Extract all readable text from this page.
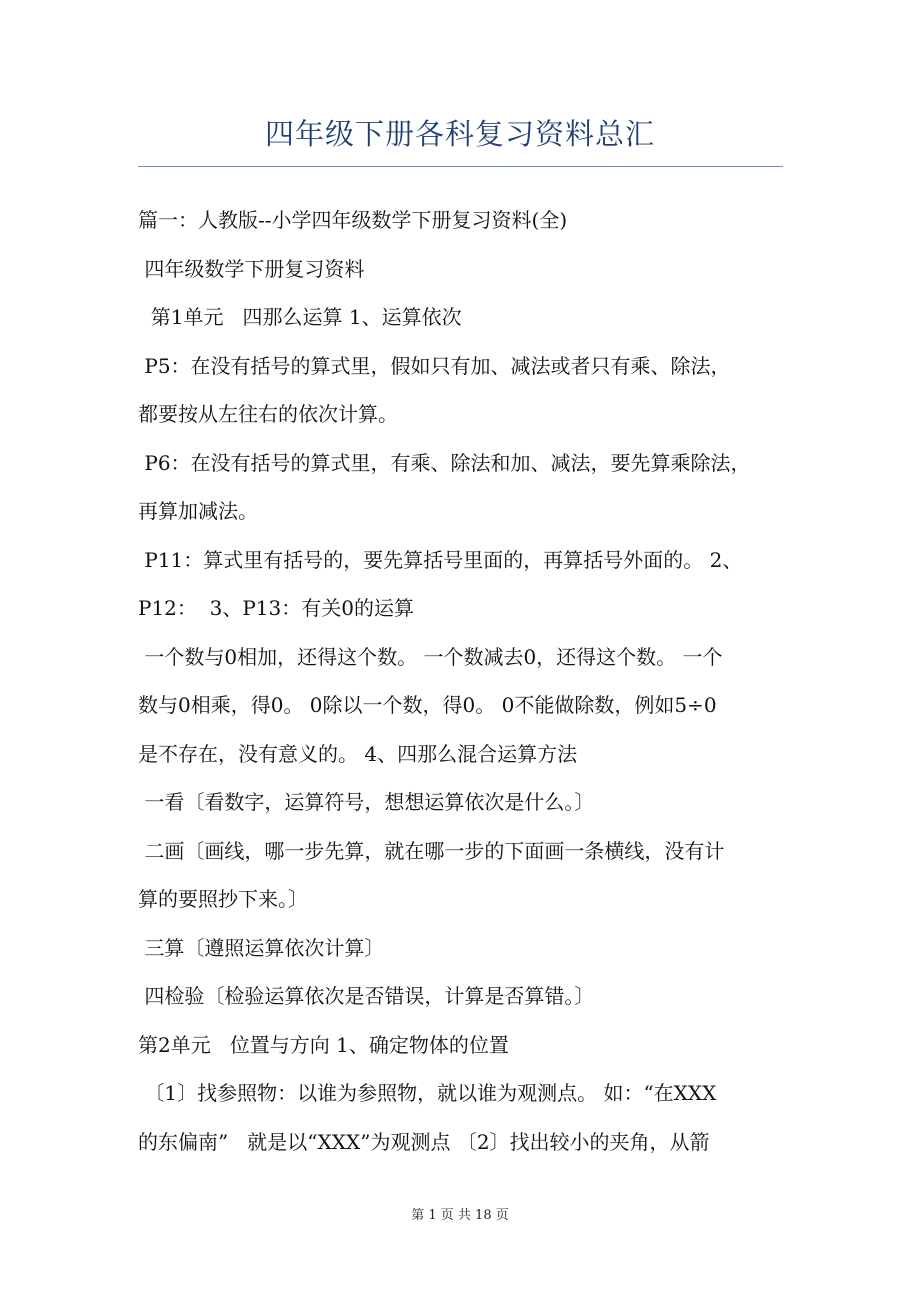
四年级下册各科复习资料总汇
篇一：人教版--小学四年级数学下册复习资料(全)
四年级数学下册复习资料
第1单元   四那么运算 1、运算依次
P5：在没有括号的算式里，假如只有加、减法或者只有乘、除法，
都要按从左往右的依次计算。
P6：在没有括号的算式里，有乘、除法和加、减法，要先算乘除法，
再算加减法。
P11：算式里有括号的，要先算括号里面的，再算括号外面的。 2、
P12：  3、P13：有关0的运算
一个数与0相加，还得这个数。 一个数减去0，还得这个数。 一个
数与0相乘，得0。 0除以一个数，得0。 0不能做除数，例如5÷0
是不存在，没有意义的。 4、四那么混合运算方法
一看〔看数字，运算符号，想想运算依次是什么。〕
二画〔画线，哪一步先算，就在哪一步的下面画一条横线，没有计
算的要照抄下来。〕
三算〔遵照运算依次计算〕
四检验〔检验运算依次是否错误，计算是否算错。〕
第2单元   位置与方向 1、确定物体的位置
〔1〕找参照物：以谁为参照物，就以谁为观测点。 如：“在XXX
的东偏南”   就是以“XXX”为观测点 〔2〕找出较小的夹角，从箭
第 1 页 共 18 页
